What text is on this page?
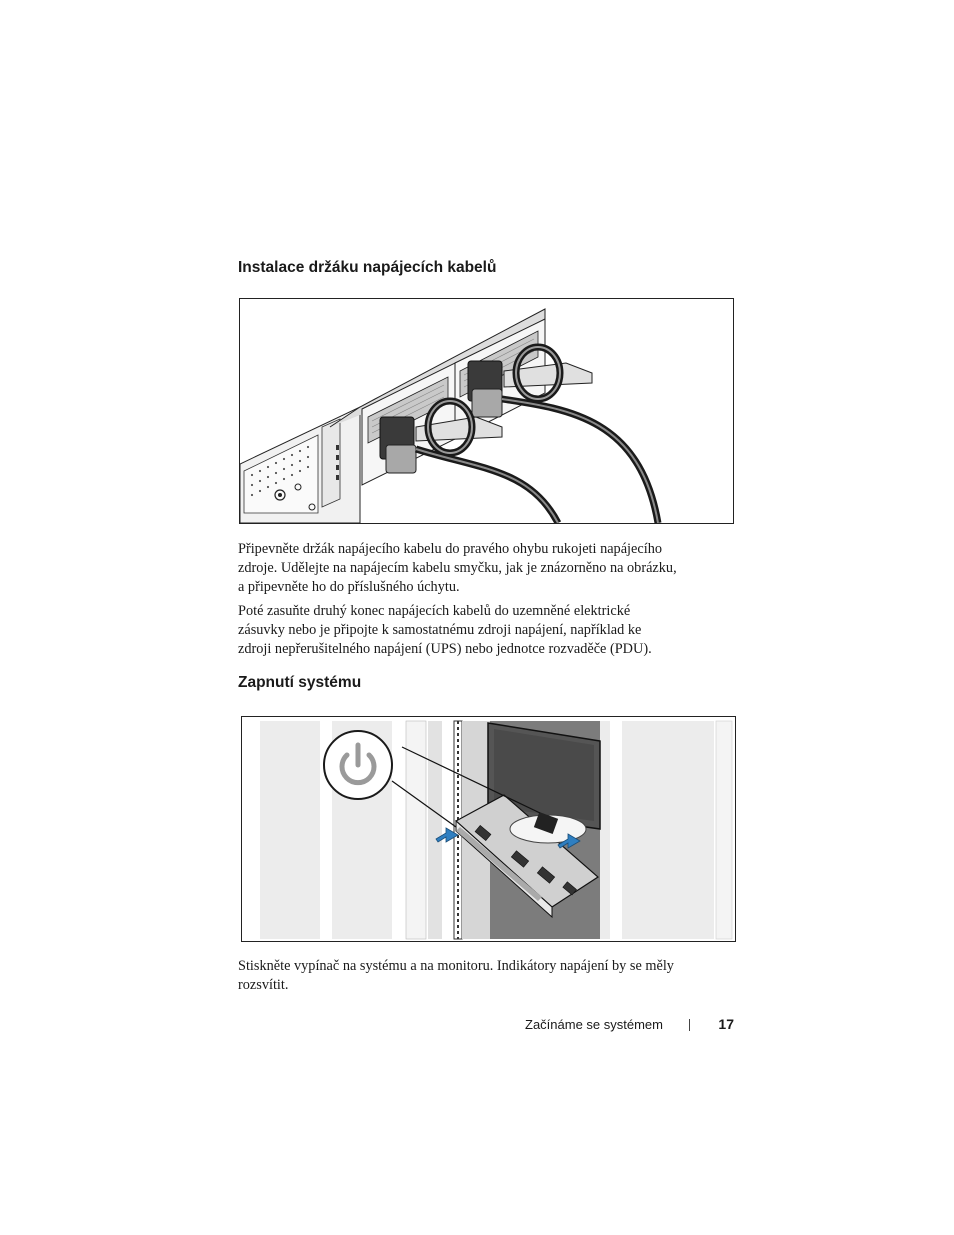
Instalace držáku napájecích kabelů

Připevněte držák napájecího kabelu do pravého ohybu rukojeti napájecího
zdroje. Udělejte na napájecím kabelu smyčku, jak je znázorněno na obrázku,
a připevněte ho do příslušného úchytu.

Poté zasuňte druhý konec napájecích kabelů do uzemněné elektrické
zásuvky nebo je připojte k samostatnému zdroji napájení, například ke
zdroji nepřerušitelného napájení (UPS) nebo jednotce rozvaděče (PDU).

Zapnutí systému

Stiskněte vypínač na systému a na monitoru. Indikátory napájení by se měly
rozsvítit.

Začínáme se systémem	17
